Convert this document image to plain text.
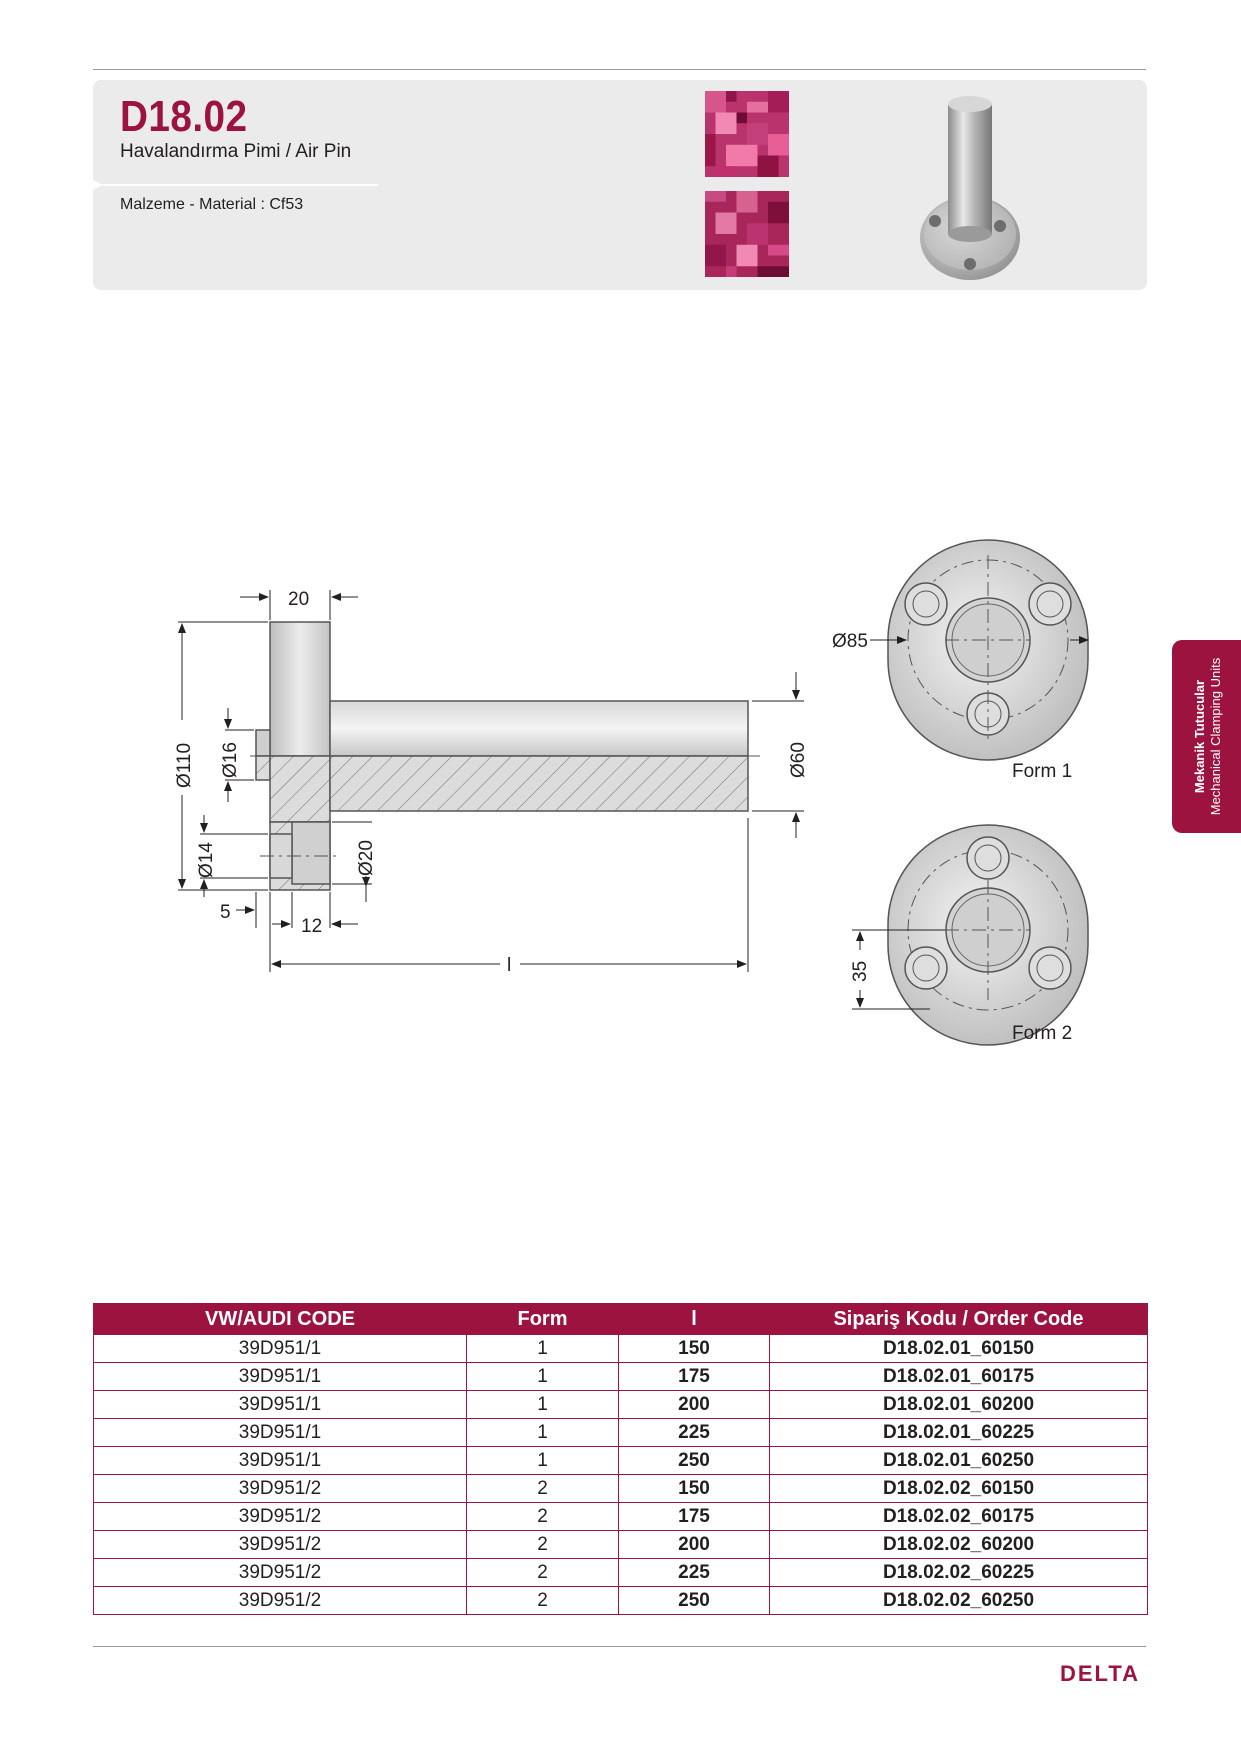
D18.02
Havalandırma Pimi / Air Pin
Malzeme - Material : Cf53
Mekanik Tutucular Mechanical Clamping Units
20
Ø110 Ø16
Ø14	Ø20
5
12
l
Ø60
Ø85
35
Form 1
Form 2
VW/AUDI CODE	Form	l	Sipariş Kodu / Order Code
39D951/1	1	150	D18.02.01_60150
39D951/1	1	175	D18.02.01_60175
39D951/1	1	200	D18.02.01_60200
39D951/1	1	225	D18.02.01_60225
39D951/1	1	250	D18.02.01_60250
39D951/2	2	150	D18.02.02_60150
39D951/2	2	175	D18.02.02_60175
39D951/2	2	200	D18.02.02_60200
39D951/2	2	225	D18.02.02_60225
39D951/2	2	250	D18.02.02_60250
DELTA
